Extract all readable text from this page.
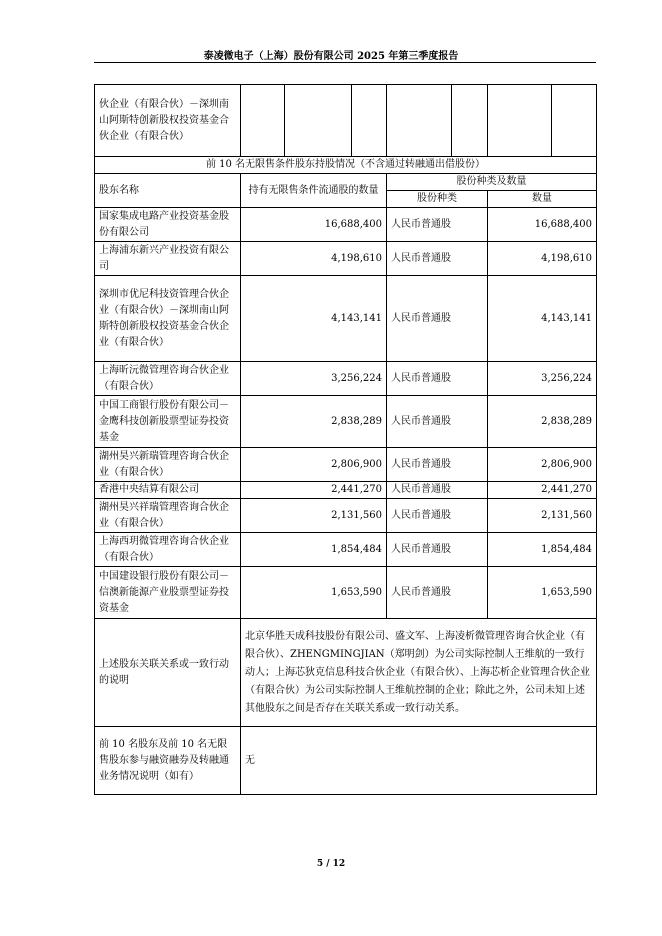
泰凌微电子（上海）股份有限公司 2025 年第三季度报告
伙企业（有限合伙）－深圳南山阿斯特创新股权投资基金合伙企业（有限合伙）							
前 10 名无限售条件股东持股情况（不含通过转融通出借股份）							
股东名称	持有无限售条件流通股的数量			股份种类及数量			
				股份种类		数量	
国家集成电路产业投资基金股份有限公司	16,688,400			人民币普通股		16,688,400	
上海浦东新兴产业投资有限公司	4,198,610			人民币普通股		4,198,610	
深圳市优尼科技资管理合伙企业（有限合伙）－深圳南山阿斯特创新股权投资基金合伙企业（有限合伙）	4,143,141			人民币普通股		4,143,141	
上海昕沅微管理咨询合伙企业（有限合伙）	3,256,224			人民币普通股		3,256,224	
中国工商银行股份有限公司－金鹰科技创新股票型证券投资基金	2,838,289			人民币普通股		2,838,289	
湖州昊兴新瑞管理咨询合伙企业（有限合伙）	2,806,900			人民币普通股		2,806,900	
香港中央结算有限公司	2,441,270			人民币普通股		2,441,270	
湖州昊兴祥瑞管理咨询合伙企业（有限合伙）	2,131,560			人民币普通股		2,131,560	
上海西玥微管理咨询合伙企业（有限合伙）	1,854,484			人民币普通股		1,854,484	
中国建设银行股份有限公司－信澳新能源产业股票型证券投资基金	1,653,590			人民币普通股		1,653,590	
上述股东关联关系或一致行动的说明	北京华胜天成科技股份有限公司、盛文军、上海凌析微管理咨询合伙企业（有限合伙）、ZHENGMINGJIAN（郑明剑）为公司实际控制人王维航的一致行动人；上海芯狄克信息科技合伙企业（有限合伙）、上海芯析企业管理合伙企业（有限合伙）为公司实际控制人王维航控制的企业；除此之外，公司未知上述其他股东之间是否存在关联关系或一致行动关系。						
前 10 名股东及前 10 名无限售股东参与融资融券及转融通业务情况说明（如有）	无						
5 / 12
